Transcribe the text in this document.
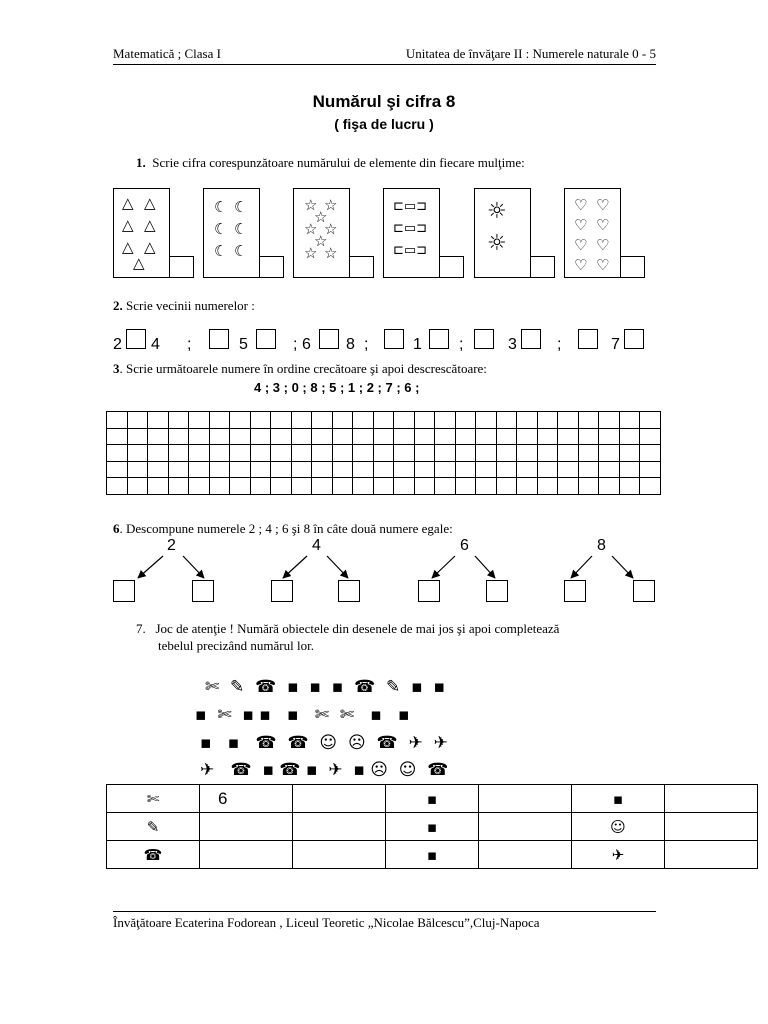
Matematică ; Clasa I	Unitatea de învăţare II : Numerele naturale 0 - 5
Numărul şi cifra 8
( fişa de lucru )
1. Scrie cifra corespunzătoare numărului de elemente din fiecare mulţime:
△ △
△ △
△ △
△
☾ ☾
☾ ☾
☾ ☾
☆ ☆
☆
☆ ☆
☆
☆ ☆
⊏▭⊐
⊏▭⊐
⊏▭⊐
☼
☼
♡ ♡
♡ ♡
♡ ♡
♡ ♡
2. Scrie vecinii numerelor :
2 4 ;	5	; 6 8 ;	1 ;	3	;	7
3. Scrie următoarele numere în ordine crecătoare şi apoi descrescătoare:
4 ; 3 ; 0 ; 8 ; 5 ; 1 ; 2 ; 7 ; 6 ;

6. Descompune numerele 2 ; 4 ; 6 şi 8 în câte două numere egale:
2	4	6	8
7. Joc de atenţie ! Numără obiectele din desenele de mai jos şi apoi completează
tebelul precizând numărul lor.
✄  ✎  ☎  ▪  ▪  ▪  ☎  ✎  ▪  ▪
▪  ✄  ▪ ▪   ▪   ✄  ✄   ▪   ▪
▪   ▪   ☎  ☎  ☺  ☹  ☎  ✈  ✈
✈   ☎  ▪ ☎ ▪  ✈  ▪ ☹  ☺  ☎
✄	6		▪		▪	
✎			▪		☺	
☎			▪		✈	
Învăţătoare Ecaterina Fodorean , Liceul Teoretic „Nicolae Bălcescu”,Cluj-Napoca
